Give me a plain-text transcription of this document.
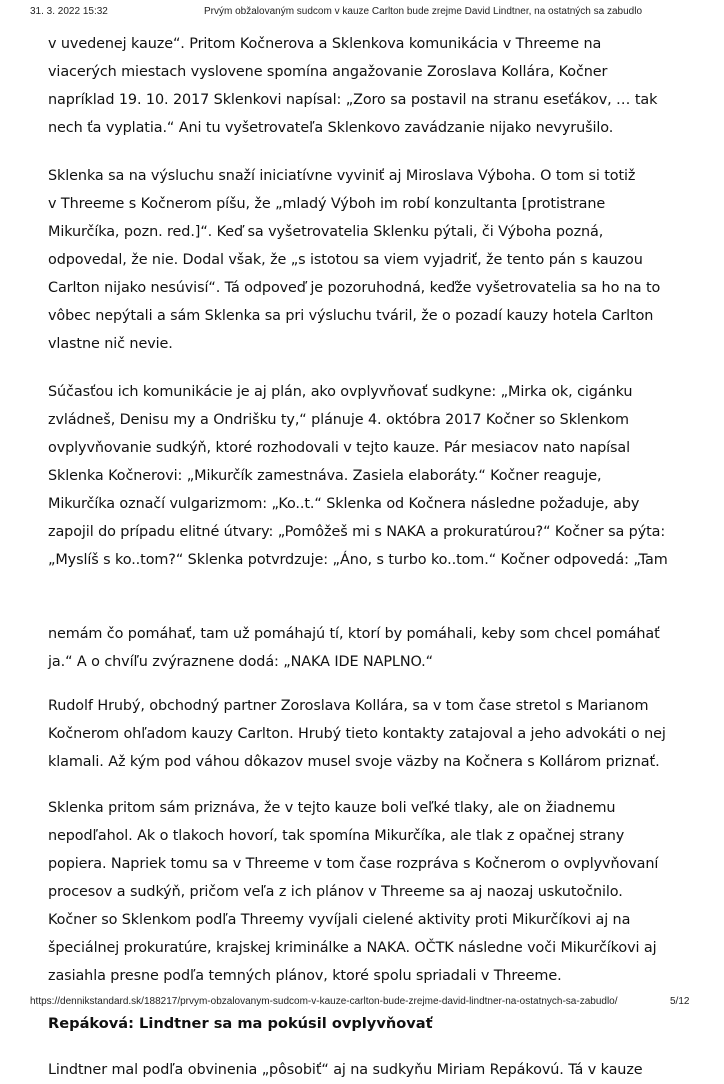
31. 3. 2022 15:32	Prvým obžalovaným sudcom v kauze Carlton bude zrejme David Lindtner, na ostatných sa zabudlo

v uvedenej kauze“. Pritom Kočnerova a Sklenkova komunikácia v Threeme na
viacerých miestach vyslovene spomína angažovanie Zoroslava Kollára, Kočner
napríklad 19. 10. 2017 Sklenkovi napísal: „Zoro sa postavil na stranu eseťákov, … tak
nech ťa vyplatia.“ Ani tu vyšetrovateľa Sklenkovo zavádzanie nijako nevyrušilo.

Sklenka sa na výsluchu snaží iniciatívne vyviniť aj Miroslava Výboha. O tom si totiž
v Threeme s Kočnerom píšu, že „mladý Výboh im robí konzultanta [protistrane
Mikurčíka, pozn. red.]“. Keď sa vyšetrovatelia Sklenku pýtali, či Výboha pozná,
odpovedal, že nie. Dodal však, že „s istotou sa viem vyjadriť, že tento pán s kauzou
Carlton nijako nesúvisí“. Tá odpoveď je pozoruhodná, keďže vyšetrovatelia sa ho na to
vôbec nepýtali a sám Sklenka sa pri výsluchu tváril, že o pozadí kauzy hotela Carlton
vlastne nič nevie.

Súčasťou ich komunikácie je aj plán, ako ovplyvňovať sudkyne: „Mirka ok, cigánku
zvládneš, Denisu my a Ondrišku ty,“ plánuje 4. októbra 2017 Kočner so Sklenkom
ovplyvňovanie sudkýň, ktoré rozhodovali v tejto kauze. Pár mesiacov nato napísal
Sklenka Kočnerovi: „Mikurčík zamestnáva. Zasiela elaboráty.“ Kočner reaguje,
Mikurčíka označí vulgarizmom: „Ko..t.“ Sklenka od Kočnera následne požaduje, aby
zapojil do prípadu elitné útvary: „Pomôžeš mi s NAKA a prokuratúrou?“ Kočner sa pýta:
„Myslíš s ko..tom?“ Sklenka potvrdzuje: „Áno, s turbo ko..tom.“ Kočner odpovedá: „Tam

nemám čo pomáhať, tam už pomáhajú tí, ktorí by pomáhali, keby som chcel pomáhať
ja.“ A o chvíľu zvýraznene dodá: „NAKA IDE NAPLNO.“

Rudolf Hrubý, obchodný partner Zoroslava Kollára, sa v tom čase stretol s Marianom
Kočnerom ohľadom kauzy Carlton. Hrubý tieto kontakty zatajoval a jeho advokáti o nej
klamali. Až kým pod váhou dôkazov musel svoje väzby na Kočnera s Kollárom priznať.

Sklenka pritom sám priznáva, že v tejto kauze boli veľké tlaky, ale on žiadnemu
nepodľahol. Ak o tlakoch hovorí, tak spomína Mikurčíka, ale tlak z opačnej strany
popiera. Napriek tomu sa v Threeme v tom čase rozpráva s Kočnerom o ovplyvňovaní
procesov a sudkýň, pričom veľa z ich plánov v Threeme sa aj naozaj uskutočnilo.
Kočner so Sklenkom podľa Threemy vyvíjali cielené aktivity proti Mikurčíkovi aj na
špeciálnej prokuratúre, krajskej kriminálke a NAKA. OČTK následne voči Mikurčíkovi aj
zasiahla presne podľa temných plánov, ktoré spolu spriadali v Threeme.

Repáková: Lindtner sa ma pokúsil ovplyvňovať

Lindtner mal podľa obvinenia „pôsobiť“ aj na sudkyňu Miriam Repákovú. Tá v kauze

https://dennikstandard.sk/188217/prvym-obzalovanym-sudcom-v-kauze-carlton-bude-zrejme-david-lindtner-na-ostatnych-sa-zabudlo/	5/12
